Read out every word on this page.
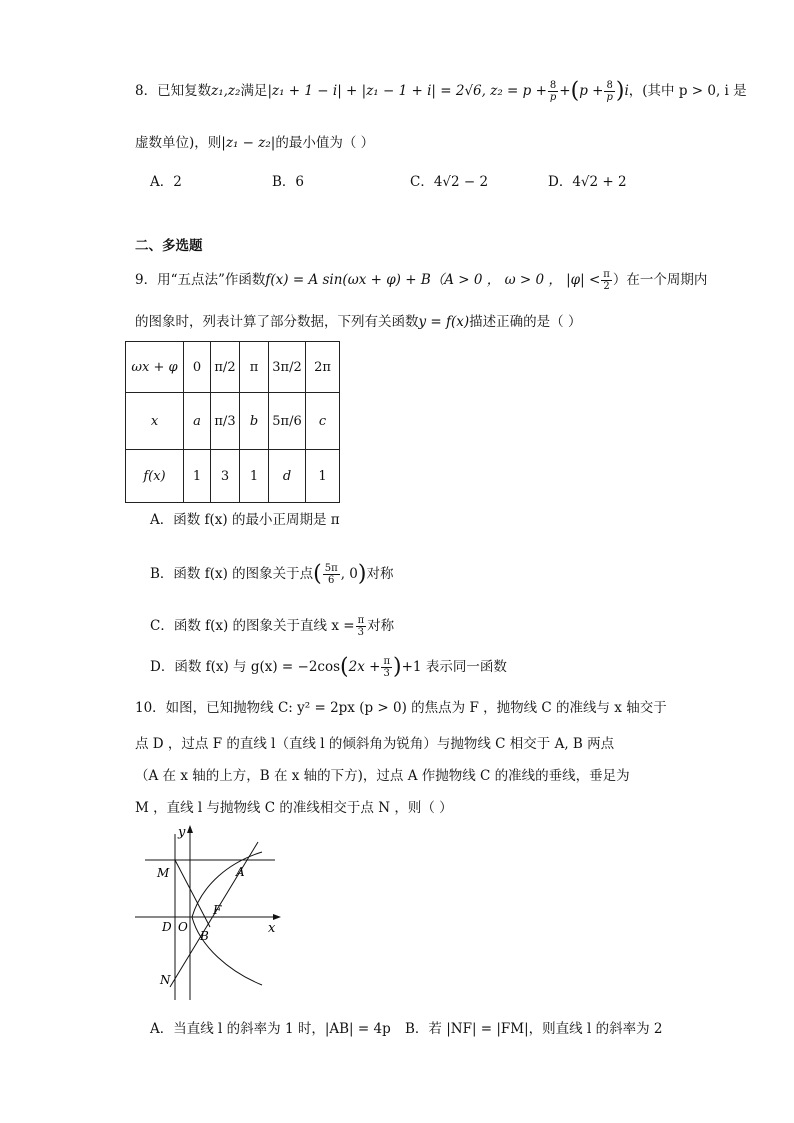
8．已知复数z₁,z₂满足|z₁ + 1 − i| + |z₁ − 1 + i| = 2√6, $z_2 = p + \frac{8}{p} +(p + \frac{8}{p} )i$，(其中 p > 0, i 是
虚数单位)，则|z₁ − z₂|的最小值为（ ）
A．2	B．6	C．4√2 − 2	D．4√2 + 2
二、多选题
9．用“五点法”作函数f(x) = A sin(ωx + φ) + B（A > 0 ， ω > 0 ， $|\varphi| < \frac{\pi}{2}$ ）在一个周期内
的图象时，列表计算了部分数据，下列有关函数y = f(x)描述正确的是（ ）
ωx + φ	0	π/2	π	3π/2	2π
x	a	π/3	b	5π/6	c
f(x)	1	3	1	d	1
A．函数 f(x) 的最小正周期是 π
B．函数 f(x) 的图象关于点( $\frac{5\pi}{6}$ , 0)对称
C．函数 f(x) 的图象关于直线 $x = \frac{\pi}{3}$ 对称
D．函数 f(x) 与 $g(x) = -2\cos(2x + \frac{\pi}{3} )+1$ 表示同一函数
10．如图，已知抛物线 C: y² = 2px (p > 0) 的焦点为 F ，抛物线 C 的准线与 x 轴交于
点 D ，过点 F 的直线 l（直线 l 的倾斜角为锐角）与抛物线 C 相交于 A, B 两点
（A 在 x 轴的上方，B 在 x 轴的下方)，过点 A 作抛物线 C 的准线的垂线，垂足为
M ，直线 l 与抛物线 C 的准线相交于点 N ，则（ ）
y
x
M	A
F
D O
B
N
A．当直线 l 的斜率为 1 时，|AB| = 4p B．若 |NF| = |FM|，则直线 l 的斜率为 2
